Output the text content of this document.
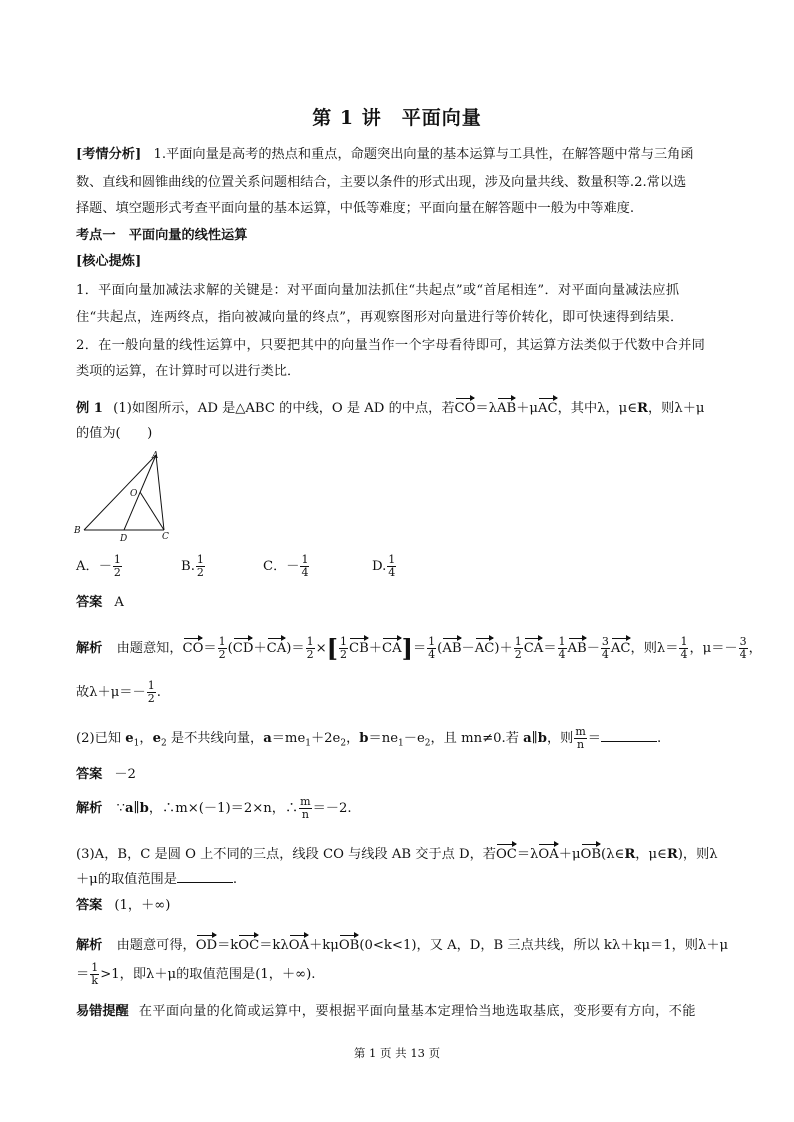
第 1 讲　平面向量
[考情分析] 1.平面向量是高考的热点和重点，命题突出向量的基本运算与工具性，在解答题中常与三角函
数、直线和圆锥曲线的位置关系问题相结合，主要以条件的形式出现，涉及向量共线、数量积等.2.常以选
择题、填空题形式考查平面向量的基本运算，中低等难度；平面向量在解答题中一般为中等难度.
考点一　平面向量的线性运算
[核心提炼]
1．平面向量加减法求解的关键是：对平面向量加法抓住“共起点”或“首尾相连”．对平面向量减法应抓
住“共起点，连两终点，指向被减向量的终点”，再观察图形对向量进行等价转化，即可快速得到结果．
2．在一般向量的线性运算中，只要把其中的向量当作一个字母看待即可，其运算方法类似于代数中合并同
类项的运算，在计算时可以进行类比．
例 1 (1)如图所示，AD 是△ABC 的中线，O 是 AD 的中点，若CO＝λAB＋μAC，其中λ，μ∈R，则λ＋μ
的值为(　　)
A
O
B
D	C
A．－ $\frac{1}{2}$	B. $\frac{1}{2}$	C．－ $\frac{1}{4}$	D. $\frac{1}{4}$
答案 A
解析 由题意知，$CO= \frac{1}{2} (CD+CA)= \frac{1}{2}$ ×[ $\frac{1}{2} CB+CA]= \frac{1}{4} (AB-AC)+ \frac{1}{2} CA= \frac{1}{4} AB- \frac{3}{4}$ AC，则$\lambda= \frac{1}{4}$ ，$\mu=- \frac{3}{4}$ ，
故$\lambda+\mu=- \frac{1}{2}$ .
(2)已知 $e_1$，$e_2$ 是不共线向量，$a=me_1+2e_2$，$b=ne_1-e_2$，且 mn≠0.若 a∥b，则 $\frac{m}{n}$ ＝	.
答案 －2
解析 ∵a∥b，∴m×(－1)＝2×n，∴ $\frac{m}{n} =-2$.
(3)A，B，C 是圆 O 上不同的三点，线段 CO 与线段 AB 交于点 D，若OC＝λOA＋μOB(λ∈R，μ∈R)，则λ
＋μ的取值范围是	.
答案 (1，＋∞)
解析 由题意可得，OD＝kOC＝kλOA＋kμOB(0<k<1)，又 A，D，B 三点共线，所以 kλ＋kμ＝1，则λ＋μ
＝ $\frac{1}{k} >1$，即λ＋μ的取值范围是(1，＋∞).
易错提醒 在平面向量的化简或运算中，要根据平面向量基本定理恰当地选取基底，变形要有方向，不能
第 1 页 共 13 页
